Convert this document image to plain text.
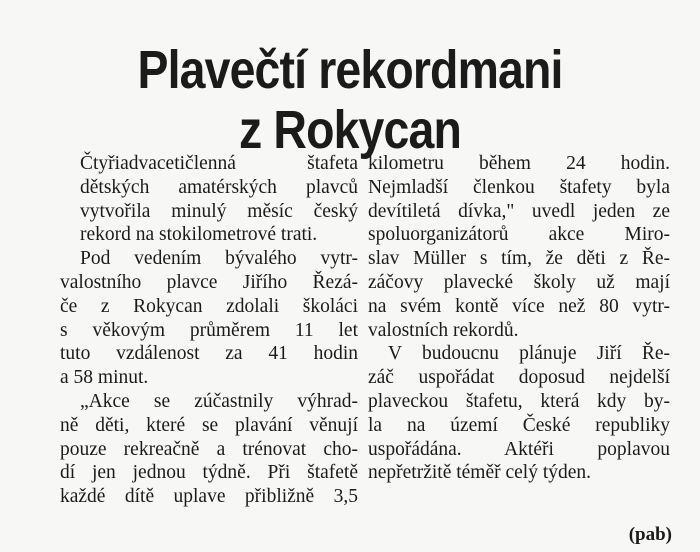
Plavečtí rekordmani
z Rokycan

Čtyřiadvacetičlenná štafeta
dětských amatérských plavců
vytvořila minulý měsíc český
rekord na stokilometrové trati.

Pod vedením bývalého vytr-
valostního plavce Jiřího Řezá-
če z Rokycan zdolali školáci
s věkovým průměrem 11 let
tuto vzdálenost za 41 hodin
a 58 minut.

„Akce se zúčastnily výhrad-
ně děti, které se plavání věnují
pouze rekreačně a trénovat cho-
dí jen jednou týdně. Při štafetě
každé dítě uplave přibližně 3,5

kilometru během 24 hodin.
Nejmladší členkou štafety byla
devítiletá dívka," uvedl jeden ze
spoluorganizátorů akce Miro-
slav Müller s tím, že děti z Ře-
záčovy plavecké školy už mají
na svém kontě více než 80 vytr-
valostních rekordů.

V budoucnu plánuje Jiří Ře-
záč uspořádat doposud nejdelší
plaveckou štafetu, která kdy by-
la na území České republiky
uspořádána. Aktéři poplavou
nepřetržitě téměř celý týden.

(pab)
